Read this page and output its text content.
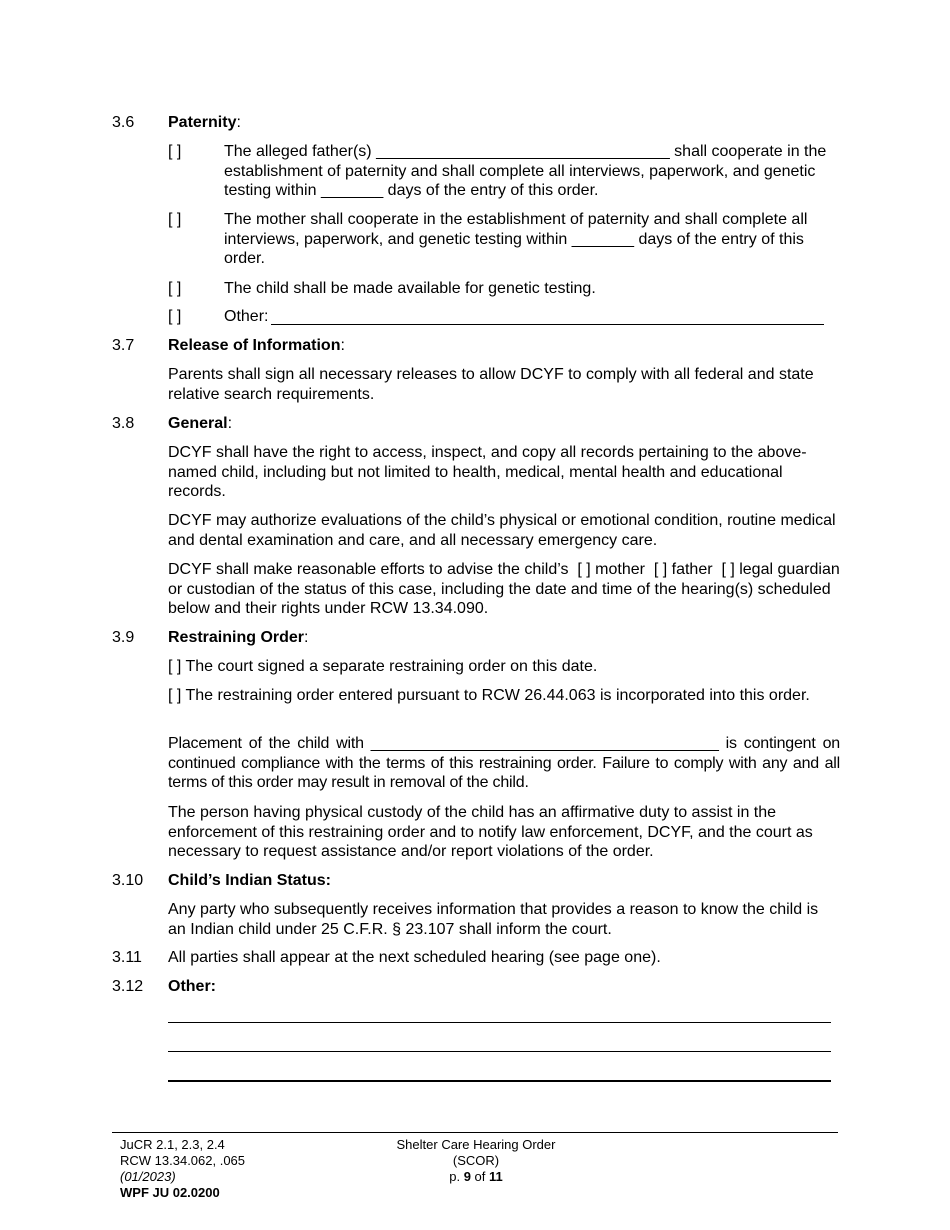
3.6 Paternity:
[ ]	The alleged father(s) _________________________________ shall cooperate in the establishment of paternity and shall complete all interviews, paperwork, and genetic testing within _______ days of the entry of this order.
[ ]	The mother shall cooperate in the establishment of paternity and shall complete all interviews, paperwork, and genetic testing within _______ days of the entry of this order.
[ ]	The child shall be made available for genetic testing.
[ ]	Other:
3.7 Release of Information:
Parents shall sign all necessary releases to allow DCYF to comply with all federal and state relative search requirements.
3.8 General:
DCYF shall have the right to access, inspect, and copy all records pertaining to the above-named child, including but not limited to health, medical, mental health and educational records.
DCYF may authorize evaluations of the child’s physical or emotional condition, routine medical and dental examination and care, and all necessary emergency care.
DCYF shall make reasonable efforts to advise the child’s  [ ] mother  [ ] father  [ ] legal guardian or custodian of the status of this case, including the date and time of the hearing(s) scheduled below and their rights under RCW 13.34.090.
3.9 Restraining Order:
[ ] The court signed a separate restraining order on this date.
[ ] The restraining order entered pursuant to RCW 26.44.063 is incorporated into this order.
Placement of the child with ________________________________________ is contingent on continued compliance with the terms of this restraining order. Failure to comply with any and all terms of this order may result in removal of the child.
The person having physical custody of the child has an affirmative duty to assist in the enforcement of this restraining order and to notify law enforcement, DCYF, and the court as necessary to request assistance and/or report violations of the order.
3.10 Child’s Indian Status:
Any party who subsequently receives information that provides a reason to know the child is an Indian child under 25 C.F.R. § 23.107 shall inform the court.
3.11 All parties shall appear at the next scheduled hearing (see page one).
3.12 Other:
JuCR 2.1, 2.3, 2.4
RCW 13.34.062, .065
(01/2023)
WPF JU 02.0200
Shelter Care Hearing Order
(SCOR)
p. 9 of 11
